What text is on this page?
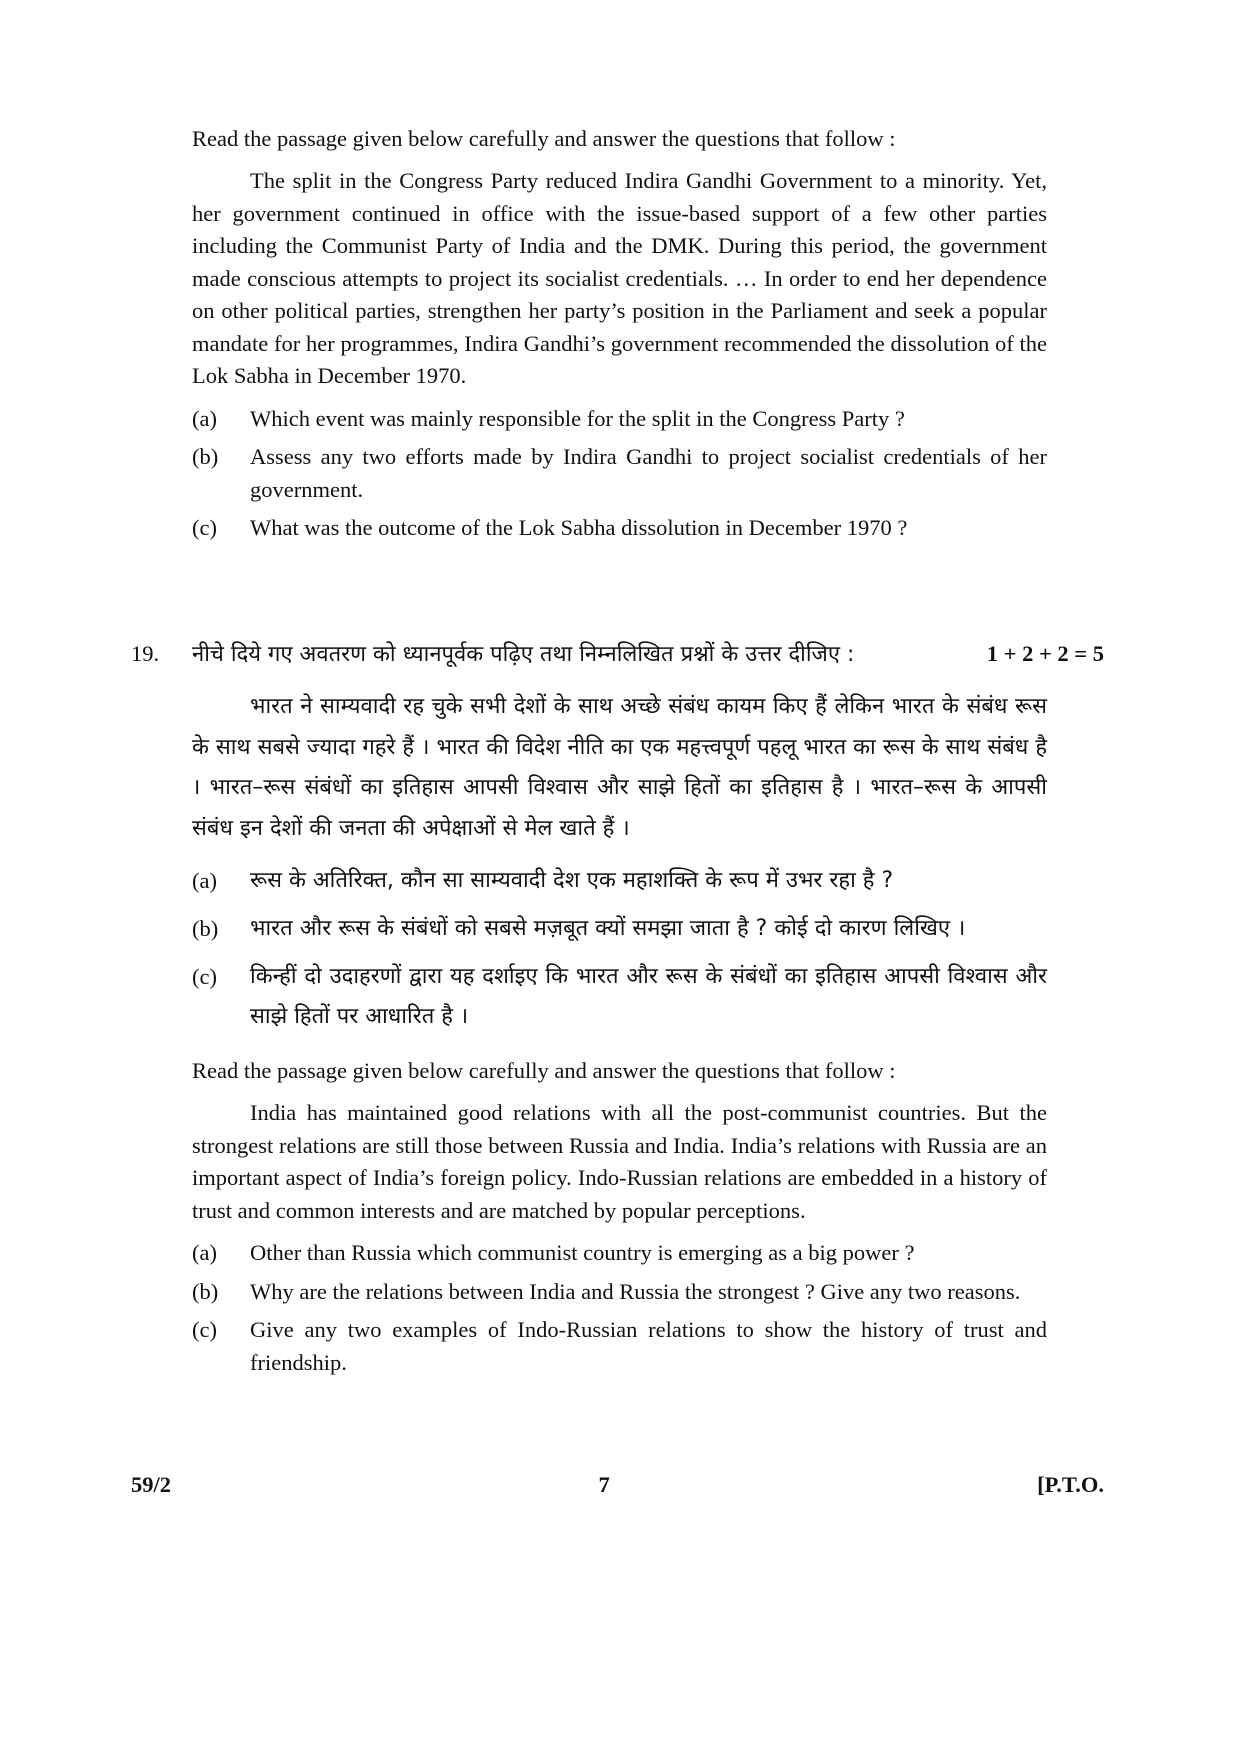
Read the passage given below carefully and answer the questions that follow :

The split in the Congress Party reduced Indira Gandhi Government to a minority. Yet, her government continued in office with the issue-based support of a few other parties including the Communist Party of India and the DMK. During this period, the government made conscious attempts to project its socialist credentials. … In order to end her dependence on other political parties, strengthen her party’s position in the Parliament and seek a popular mandate for her programmes, Indira Gandhi’s government recommended the dissolution of the Lok Sabha in December 1970.

(a)	Which event was mainly responsible for the split in the Congress Party ?
(b)	Assess any two efforts made by Indira Gandhi to project socialist credentials of her government.
(c)	What was the outcome of the Lok Sabha dissolution in December 1970 ?
19.	नीचे दिये गए अवतरण को ध्यानपूर्वक पढ़िए तथा निम्नलिखित प्रश्नों के उत्तर दीजिए :	1 + 2 + 2 = 5

भारत ने साम्यवादी रह चुके सभी देशों के साथ अच्छे संबंध कायम किए हैं लेकिन भारत के संबंध रूस के साथ सबसे ज्यादा गहरे हैं । भारत की विदेश नीति का एक महत्त्वपूर्ण पहलू भारत का रूस के साथ संबंध है । भारत–रूस संबंधों का इतिहास आपसी विश्वास और साझे हितों का इतिहास है । भारत–रूस के आपसी संबंध इन देशों की जनता की अपेक्षाओं से मेल खाते हैं ।

(a)	रूस के अतिरिक्त, कौन सा साम्यवादी देश एक महाशक्ति के रूप में उभर रहा है ?
(b)	भारत और रूस के संबंधों को सबसे मज़बूत क्यों समझा जाता है ? कोई दो कारण लिखिए ।
(c)	किन्हीं दो उदाहरणों द्वारा यह दर्शाइए कि भारत और रूस के संबंधों का इतिहास आपसी विश्वास और साझे हितों पर आधारित है ।

Read the passage given below carefully and answer the questions that follow :

India has maintained good relations with all the post-communist countries. But the strongest relations are still those between Russia and India. India’s relations with Russia are an important aspect of India’s foreign policy. Indo-Russian relations are embedded in a history of trust and common interests and are matched by popular perceptions.

(a)	Other than Russia which communist country is emerging as a big power ?
(b)	Why are the relations between India and Russia the strongest ? Give any two reasons.
(c)	Give any two examples of Indo-Russian relations to show the history of trust and friendship.
59/2	7	[P.T.O.
